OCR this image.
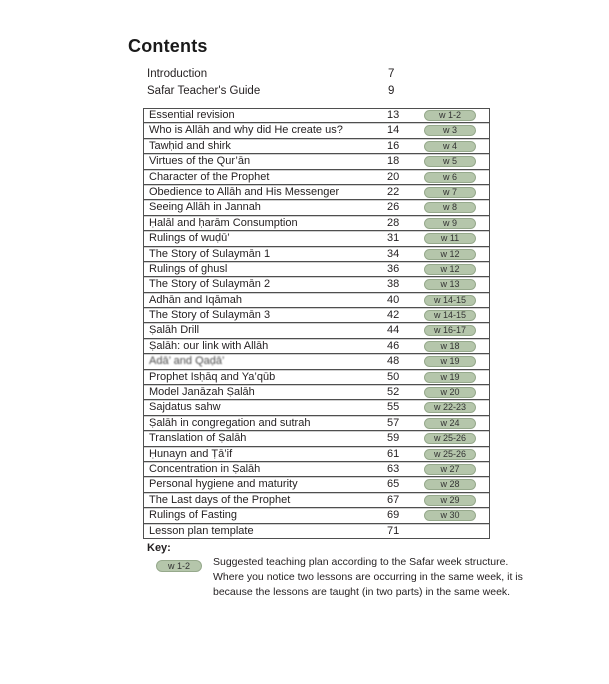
Contents
Introduction	7
Safar Teacher's Guide	9
Essential revision	13	w 1-2
Who is Allāh and why did He create us?	14	w 3
Tawḥid and shirk	16	w 4
Virtues of the Qur’ān	18	w 5
Character of the Prophet	20	w 6
Obedience to Allāh and His Messenger	22	w 7
Seeing Allāh in Jannah	26	w 8
Ḥalāl and ḥarām Consumption	28	w 9
Rulings of wuḍū’	31	w 11
The Story of Sulaymān 1	34	w 12
Rulings of ghusl	36	w 12
The Story of Sulaymān 2	38	w 13
Adhān and Iqāmah	40	w 14-15
The Story of Sulaymān 3	42	w 14-15
Ṣalāh Drill	44	w 16-17
Ṣalāh: our link with Allāh	46	w 18
Adā’ and Qaḍā’	48	w 19
Prophet Isḥāq and Ya’qūb	50	w 19
Model Janāzah Ṣalāh	52	w 20
Sajdatus sahw	55	w 22-23
Ṣalāh in congregation and sutrah	57	w 24
Translation of Ṣalāh	59	w 25-26
Ḥunayn and Ṭā’if	61	w 25-26
Concentration in Ṣalāh	63	w 27
Personal hygiene and maturity	65	w 28
The Last days of the Prophet	67	w 29
Rulings of Fasting	69	w 30
Lesson plan template	71
Key:
w 1-2	Suggested teaching plan according to the Safar week structure.
Where you notice two lessons are occurring in the same week, it is
because the lessons are taught (in two parts) in the same week.
